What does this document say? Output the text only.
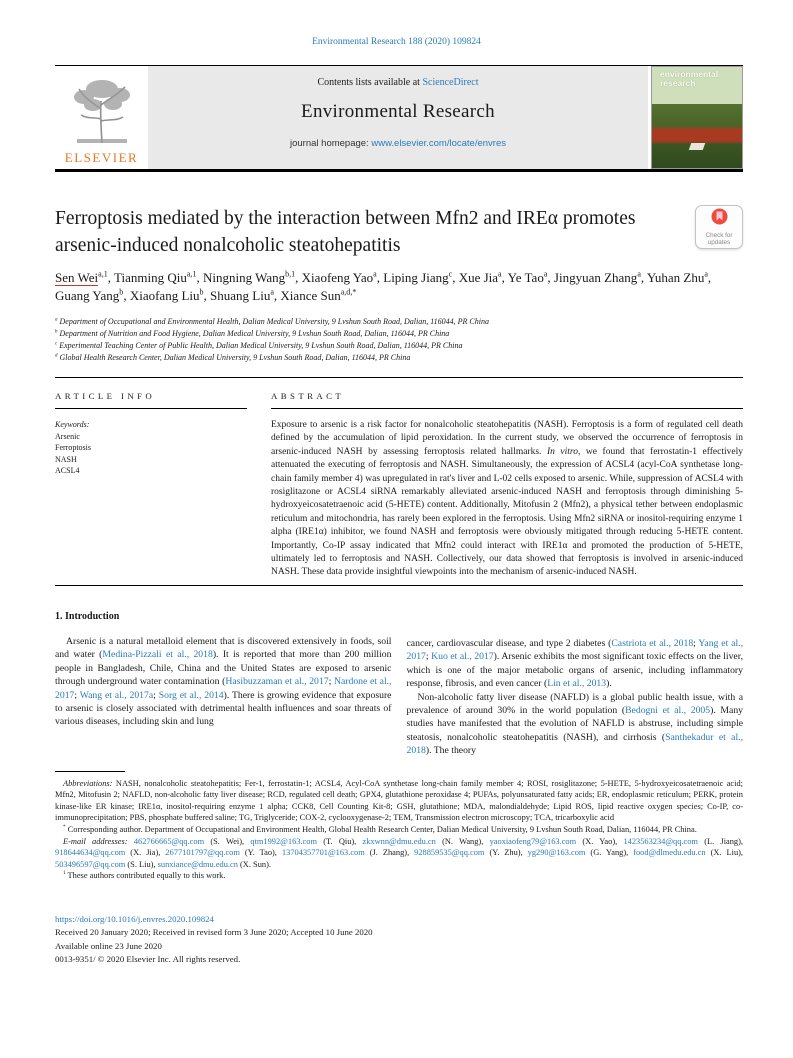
Environmental Research 188 (2020) 109824
ELSEVIER
Contents lists available at ScienceDirect
Environmental Research
journal homepage: www.elsevier.com/locate/envres
environmental research
Ferroptosis mediated by the interaction between Mfn2 and IREα promotes arsenic-induced nonalcoholic steatohepatitis	Check for updates
Sen Wei$^{a,1}$, Tianming Qiu$^{a,1}$, Ningning Wang$^{b,1}$, Xiaofeng Yao$^a$, Liping Jiang$^c$, Xue Jia$^a$, Ye Tao$^a$, Jingyuan Zhang$^a$, Yuhan Zhu$^a$, Guang Yang$^b$, Xiaofang Liu$^b$, Shuang Liu$^a$, Xiance Sun$^{a,d,*}$
$^a$ Department of Occupational and Environmental Health, Dalian Medical University, 9 Lvshun South Road, Dalian, 116044, PR China
$^b$ Department of Nutrition and Food Hygiene, Dalian Medical University, 9 Lvshun South Road, Dalian, 116044, PR China
$^c$ Experimental Teaching Center of Public Health, Dalian Medical University, 9 Lvshun South Road, Dalian, 116044, PR China
$^d$ Global Health Research Center, Dalian Medical University, 9 Lvshun South Road, Dalian, 116044, PR China
ARTICLE INFO
Keywords:
Arsenic
Ferroptosis
NASH
ACSL4
ABSTRACT
Exposure to arsenic is a risk factor for nonalcoholic steatohepatitis (NASH). Ferroptosis is a form of regulated cell death defined by the accumulation of lipid peroxidation. In the current study, we observed the occurrence of ferroptosis in arsenic-induced NASH by assessing ferroptosis related hallmarks. In vitro, we found that ferrostatin-1 effectively attenuated the executing of ferroptosis and NASH. Simultaneously, the expression of ACSL4 (acyl-CoA synthetase long-chain family member 4) was upregulated in rat's liver and L-02 cells exposed to arsenic. While, suppression of ACSL4 with rosiglitazone or ACSL4 siRNA remarkably alleviated arsenic-induced NASH and ferroptosis through diminishing 5-hydroxyeicosatetraenoic acid (5-HETE) content. Additionally, Mitofusin 2 (Mfn2), a physical tether between endoplasmic reticulum and mitochondria, has rarely been explored in the ferroptosis. Using Mfn2 siRNA or inositol-requiring enzyme 1 alpha (IRE1α) inhibitor, we found NASH and ferroptosis were obviously mitigated through reducing 5-HETE content. Importantly, Co-IP assay indicated that Mfn2 could interact with IRE1α and promoted the production of 5-HETE, ultimately led to ferroptosis and NASH. Collectively, our data showed that ferroptosis is involved in arsenic-induced NASH. These data provide insightful viewpoints into the mechanism of arsenic-induced NASH.
1. Introduction
Arsenic is a natural metalloid element that is discovered extensively in foods, soil and water (Medina-Pizzali et al., 2018). It is reported that more than 200 million people in Bangladesh, Chile, China and the United States are exposed to arsenic through underground water contamination (Hasibuzzaman et al., 2017; Nardone et al., 2017; Wang et al., 2017a; Sorg et al., 2014). There is growing evidence that exposure to arsenic is closely associated with detrimental health influences and soar threats of various diseases, including skin and lung
cancer, cardiovascular disease, and type 2 diabetes (Castriota et al., 2018; Yang et al., 2017; Kuo et al., 2017). Arsenic exhibits the most significant toxic effects on the liver, which is one of the major metabolic organs of arsenic, including inflammatory response, fibrosis, and even cancer (Lin et al., 2013).
Non-alcoholic fatty liver disease (NAFLD) is a global public health issue, with a prevalence of around 30% in the world population (Bedogni et al., 2005). Many studies have manifested that the evolution of NAFLD is abstruse, including simple steatosis, nonalcoholic steatohepatitis (NASH), and cirrhosis (Santhekadur et al., 2018). The theory
Abbreviations: NASH, nonalcoholic steatohepatitis; Fer-1, ferrostatin-1; ACSL4, Acyl-CoA synthetase long-chain family member 4; ROSI, rosiglitazone; 5-HETE, 5-hydroxyeicosatetraenoic acid; Mfn2, Mitofusin 2; NAFLD, non-alcoholic fatty liver disease; RCD, regulated cell death; GPX4, glutathione peroxidase 4; PUFAs, polyunsaturated fatty acids; ER, endoplasmic reticulum; PERK, protein kinase-like ER kinase; IRE1α, inositol-requiring enzyme 1 alpha; CCK8, Cell Counting Kit-8; GSH, glutathione; MDA, malondialdehyde; Lipid ROS, lipid reactive oxygen species; Co-IP, co-immunoprecipitation; PBS, phosphate buffered saline; TG, Triglyceride; COX-2, cyclooxygenase-2; TEM, Transmission electron microscopy; TCA, tricarboxylic acid
* Corresponding author. Department of Occupational and Environment Health, Global Health Research Center, Dalian Medical University, 9 Lvshun South Road, Dalian, 116044, PR China.
E-mail addresses: 462766665@qq.com (S. Wei), qtm1992@163.com (T. Qiu), zkxwnn@dmu.edu.cn (N. Wang), yaoxiaofeng79@163.com (X. Yao), 1423563234@qq.com (L. Jiang), 918644634@qq.com (X. Jia), 2677101797@qq.com (Y. Tao), 13704357701@163.com (J. Zhang), 928859535@qq.com (Y. Zhu), yg290@163.com (G. Yang), food@dlmedu.edu.cn (X. Liu), 503496597@qq.com (S. Liu), sunxiance@dmu.edu.cn (X. Sun).
$^1$ These authors contributed equally to this work.
https://doi.org/10.1016/j.envres.2020.109824
Received 20 January 2020; Received in revised form 3 June 2020; Accepted 10 June 2020
Available online 23 June 2020
0013-9351/ © 2020 Elsevier Inc. All rights reserved.
